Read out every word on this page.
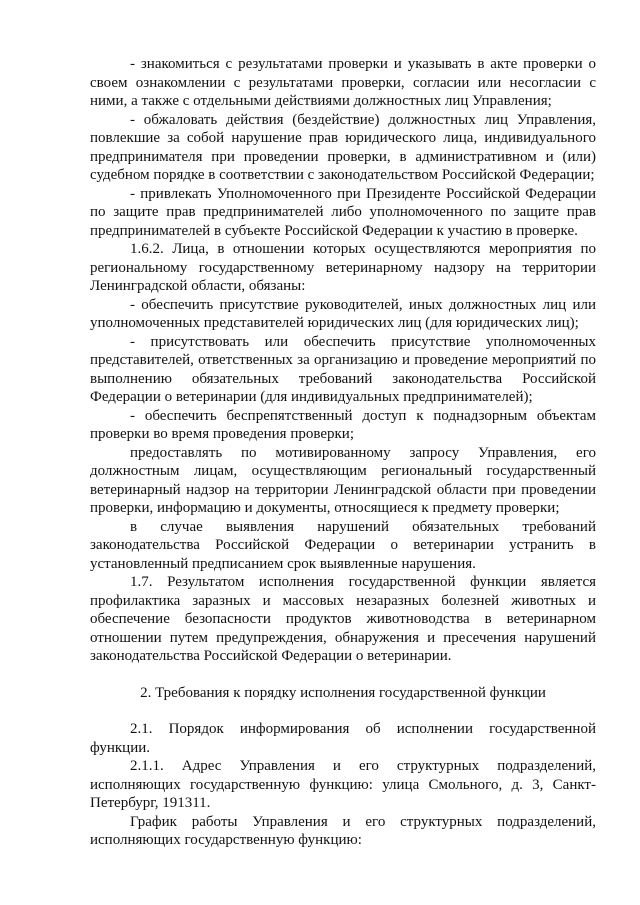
- знакомиться с результатами проверки и указывать в акте проверки о своем ознакомлении с результатами проверки, согласии или несогласии с ними, а также с отдельными действиями должностных лиц Управления;

- обжаловать действия (бездействие) должностных лиц Управления, повлекшие за собой нарушение прав юридического лица, индивидуального предпринимателя при проведении проверки, в административном и (или) судебном порядке в соответствии с законодательством Российской Федерации;

- привлекать Уполномоченного при Президенте Российской Федерации по защите прав предпринимателей либо уполномоченного по защите прав предпринимателей в субъекте Российской Федерации к участию в проверке.

1.6.2. Лица, в отношении которых осуществляются мероприятия по региональному государственному ветеринарному надзору на территории Ленинградской области, обязаны:

- обеспечить присутствие руководителей, иных должностных лиц или уполномоченных представителей юридических лиц (для юридических лиц);

- присутствовать или обеспечить присутствие уполномоченных представителей, ответственных за организацию и проведение мероприятий по выполнению обязательных требований законодательства Российской Федерации о ветеринарии (для индивидуальных предпринимателей);

- обеспечить беспрепятственный доступ к поднадзорным объектам проверки во время проведения проверки;

предоставлять по мотивированному запросу Управления, его должностным лицам, осуществляющим региональный государственный ветеринарный надзор на территории Ленинградской области при проведении проверки, информацию и документы, относящиеся к предмету проверки;

в случае выявления нарушений обязательных требований законодательства Российской Федерации о ветеринарии устранить в установленный предписанием срок выявленные нарушения.

1.7. Результатом исполнения государственной функции является профилактика заразных и массовых незаразных болезней животных и обеспечение безопасности продуктов животноводства в ветеринарном отношении путем предупреждения, обнаружения и пресечения нарушений законодательства Российской Федерации о ветеринарии.

2. Требования к порядку исполнения государственной функции

2.1. Порядок информирования об исполнении государственной функции.

2.1.1. Адрес Управления и его структурных подразделений, исполняющих государственную функцию: улица Смольного, д. 3, Санкт-Петербург, 191311.

График работы Управления и его структурных подразделений, исполняющих государственную функцию:
